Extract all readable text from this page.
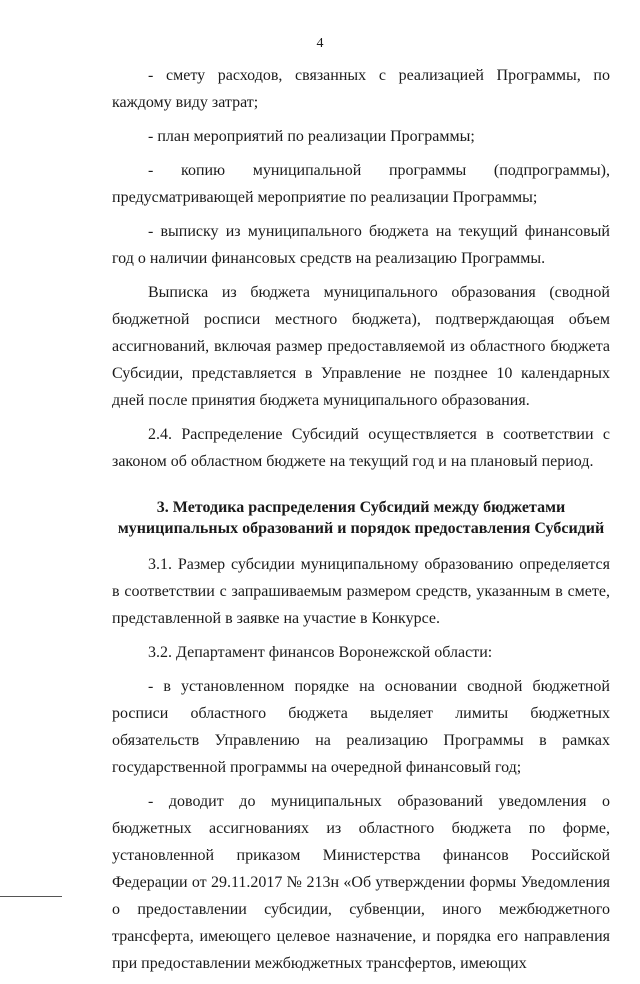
4

- смету расходов, связанных с реализацией Программы, по каждому виду затрат;

- план мероприятий по реализации Программы;

- копию муниципальной программы (подпрограммы), предусматривающей мероприятие по реализации Программы;

- выписку из муниципального бюджета на текущий финансовый год о наличии финансовых средств на реализацию Программы.

Выписка из бюджета муниципального образования (сводной бюджетной росписи местного бюджета), подтверждающая объем ассигнований, включая размер предоставляемой из областного бюджета Субсидии, представляется в Управление не позднее 10 календарных дней после принятия бюджета муниципального образования.

2.4. Распределение Субсидий осуществляется в соответствии с законом об областном бюджете на текущий год и на плановый период.

3. Методика распределения Субсидий между бюджетами
муниципальных образований и порядок предоставления Субсидий

3.1. Размер субсидии муниципальному образованию определяется в соответствии с запрашиваемым размером средств, указанным в смете, представленной в заявке на участие в Конкурсе.

3.2. Департамент финансов Воронежской области:

- в установленном порядке на основании сводной бюджетной росписи областного бюджета выделяет лимиты бюджетных обязательств Управлению на реализацию Программы в рамках государственной программы на очередной финансовый год;

- доводит до муниципальных образований уведомления о бюджетных ассигнованиях из областного бюджета по форме, установленной приказом Министерства финансов Российской Федерации от 29.11.2017 № 213н «Об утверждении формы Уведомления о предоставлении субсидии, субвенции, иного межбюджетного трансферта, имеющего целевое назначение, и порядка его направления при предоставлении межбюджетных трансфертов, имеющих
